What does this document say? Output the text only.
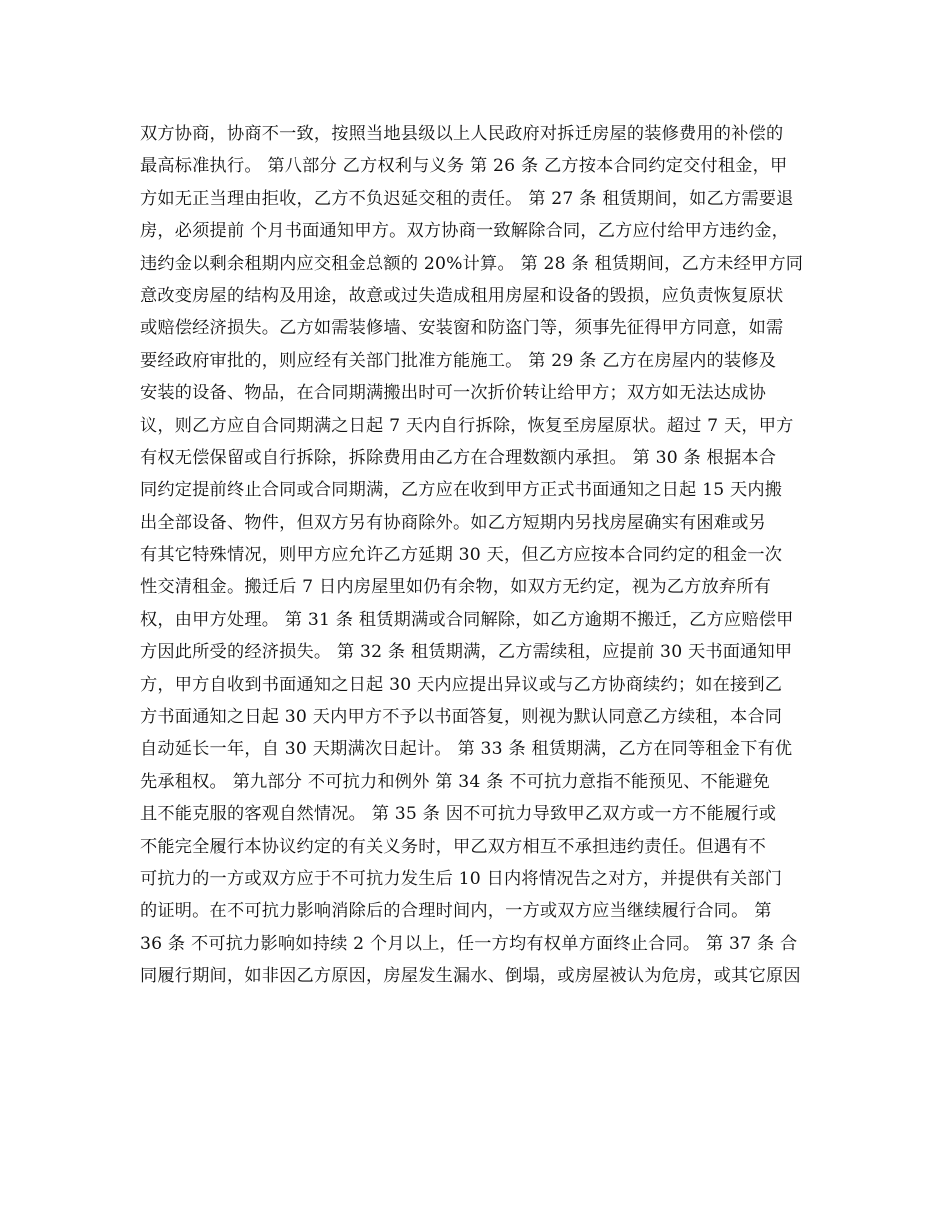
双方协商，协商不一致，按照当地县级以上人民政府对拆迁房屋的装修费用的补偿的
最高标准执行。 第八部分 乙方权利与义务 第 26 条 乙方按本合同约定交付租金，甲
方如无正当理由拒收，乙方不负迟延交租的责任。 第 27 条 租赁期间，如乙方需要退
房，必须提前 个月书面通知甲方。双方协商一致解除合同，乙方应付给甲方违约金，
违约金以剩余租期内应交租金总额的 20%计算。 第 28 条 租赁期间，乙方未经甲方同
意改变房屋的结构及用途，故意或过失造成租用房屋和设备的毁损，应负责恢复原状
或赔偿经济损失。乙方如需装修墙、安装窗和防盗门等，须事先征得甲方同意，如需
要经政府审批的，则应经有关部门批准方能施工。 第 29 条 乙方在房屋内的装修及
安装的设备、物品，在合同期满搬出时可一次折价转让给甲方；双方如无法达成协
议，则乙方应自合同期满之日起 7 天内自行拆除，恢复至房屋原状。超过 7 天，甲方
有权无偿保留或自行拆除，拆除费用由乙方在合理数额内承担。 第 30 条 根据本合
同约定提前终止合同或合同期满，乙方应在收到甲方正式书面通知之日起 15 天内搬
出全部设备、物件，但双方另有协商除外。如乙方短期内另找房屋确实有困难或另
有其它特殊情况，则甲方应允许乙方延期 30 天，但乙方应按本合同约定的租金一次
性交清租金。搬迁后 7 日内房屋里如仍有余物，如双方无约定，视为乙方放弃所有
权，由甲方处理。 第 31 条 租赁期满或合同解除，如乙方逾期不搬迁，乙方应赔偿甲
方因此所受的经济损失。 第 32 条 租赁期满，乙方需续租，应提前 30 天书面通知甲
方，甲方自收到书面通知之日起 30 天内应提出异议或与乙方协商续约；如在接到乙
方书面通知之日起 30 天内甲方不予以书面答复，则视为默认同意乙方续租，本合同
自动延长一年，自 30 天期满次日起计。 第 33 条 租赁期满，乙方在同等租金下有优
先承租权。 第九部分 不可抗力和例外 第 34 条 不可抗力意指不能预见、不能避免
且不能克服的客观自然情况。 第 35 条 因不可抗力导致甲乙双方或一方不能履行或
不能完全履行本协议约定的有关义务时，甲乙双方相互不承担违约责任。但遇有不
可抗力的一方或双方应于不可抗力发生后 10 日内将情况告之对方，并提供有关部门
的证明。在不可抗力影响消除后的合理时间内，一方或双方应当继续履行合同。 第
36 条 不可抗力影响如持续 2 个月以上，任一方均有权单方面终止合同。 第 37 条 合
同履行期间，如非因乙方原因，房屋发生漏水、倒塌，或房屋被认为危房，或其它原因
